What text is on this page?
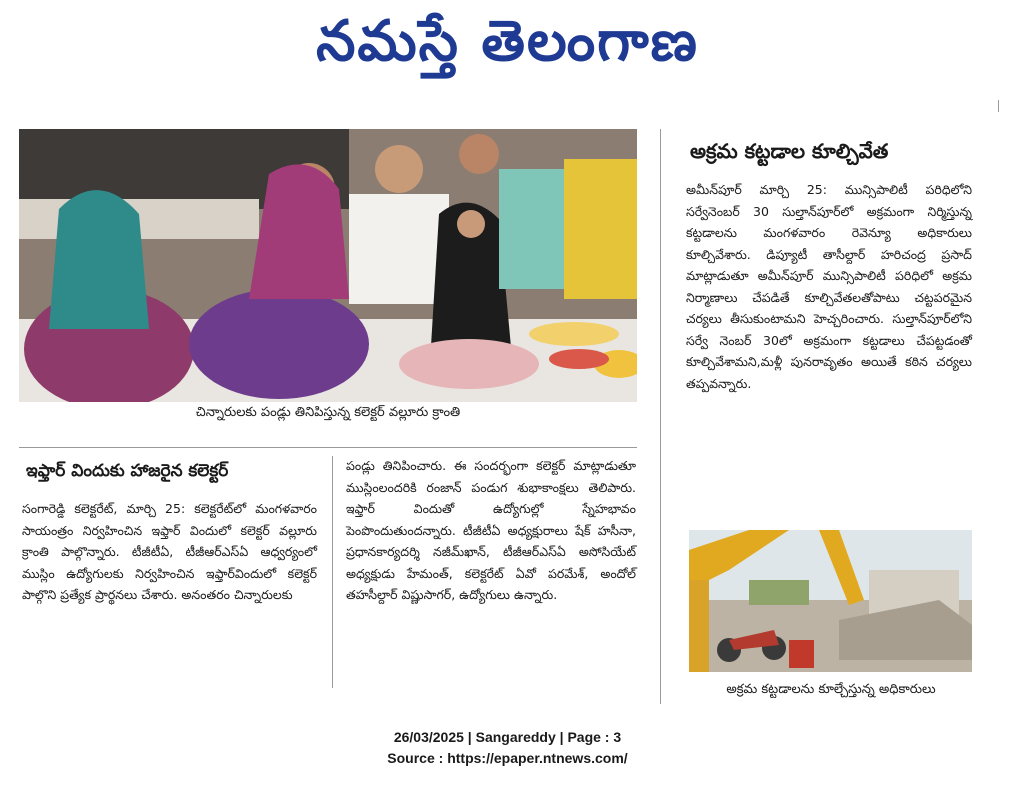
నమస్తే తెలంగాణ
చిన్నారులకు పండ్లు తినిపిస్తున్న కలెక్టర్ వల్లూరు క్రాంతి
ఇఫ్తార్ విందుకు హాజరైన కలెక్టర్
సంగారెడ్డి కలెక్టరేట్, మార్చి 25: కలెక్టరేట్‌లో మంగళవారం సాయంత్రం నిర్వహించిన ఇఫ్తార్ విందులో కలెక్టర్ వల్లూరు క్రాంతి పాల్గొన్నారు. టీజీటీఏ, టీజీఆర్ఎస్ఏ ఆధ్వర్యంలో ముస్లిం ఉద్యోగులకు నిర్వహించిన ఇఫ్తార్‌విందులో కలెక్టర్ పాల్గొని ప్రత్యేక ప్రార్థనలు చేశారు. అనంతరం చిన్నారులకు
పండ్లు తినిపించారు. ఈ సందర్భంగా కలెక్టర్ మాట్లాడుతూ ముస్లింలందరికి రంజాన్ పండుగ శుభాకాంక్షలు తెలిపారు. ఇఫ్తార్ విందుతో ఉద్యోగుల్లో స్నేహభావం పెంపొందుతుందన్నారు. టీజీటీఏ అధ్యక్షురాలు షేక్ హసీనా, ప్రధానకార్యదర్శి నజీమ్‌ఖాన్, టీజీఆర్ఎస్ఏ అసోసియేట్ అధ్యక్షుడు హేమంత్, కలెక్టరేట్ ఏవో పరమేశ్, అందోల్ తహసీల్దార్ విష్ణుసాగర్, ఉద్యోగులు ఉన్నారు.
అక్రమ కట్టడాల కూల్చివేత
అమీన్‌పూర్ మార్చి 25: మున్సిపాలిటీ పరిధిలోని సర్వేనెంబర్ 30 సుల్తాన్‌పూర్‌లో అక్రమంగా నిర్మిస్తున్న కట్టడాలను మంగళవారం రెవెన్యూ అధికారులు కూల్చివేశారు. డిప్యూటీ తాసీల్దార్ హరిచంద్ర ప్రసాద్ మాట్లాడుతూ అమీన్‌పూర్ మున్సిపాలిటీ పరిధిలో అక్రమ నిర్మాణాలు చేపడితే కూల్చివేతలతోపాటు చట్టపరమైన చర్యలు తీసుకుంటామని హెచ్చరించారు. సుల్తాన్‌పూర్‌లోని సర్వే నెంబర్ 30లో అక్రమంగా కట్టడాలు చేపట్టడంతో కూల్చివేశామని,మళ్లీ పునరావృతం అయితే కఠిన చర్యలు తప్పవన్నారు.
అక్రమ కట్టడాలను కూల్చేస్తున్న అధికారులు
26/03/2025 | Sangareddy | Page : 3
Source : https://epaper.ntnews.com/
